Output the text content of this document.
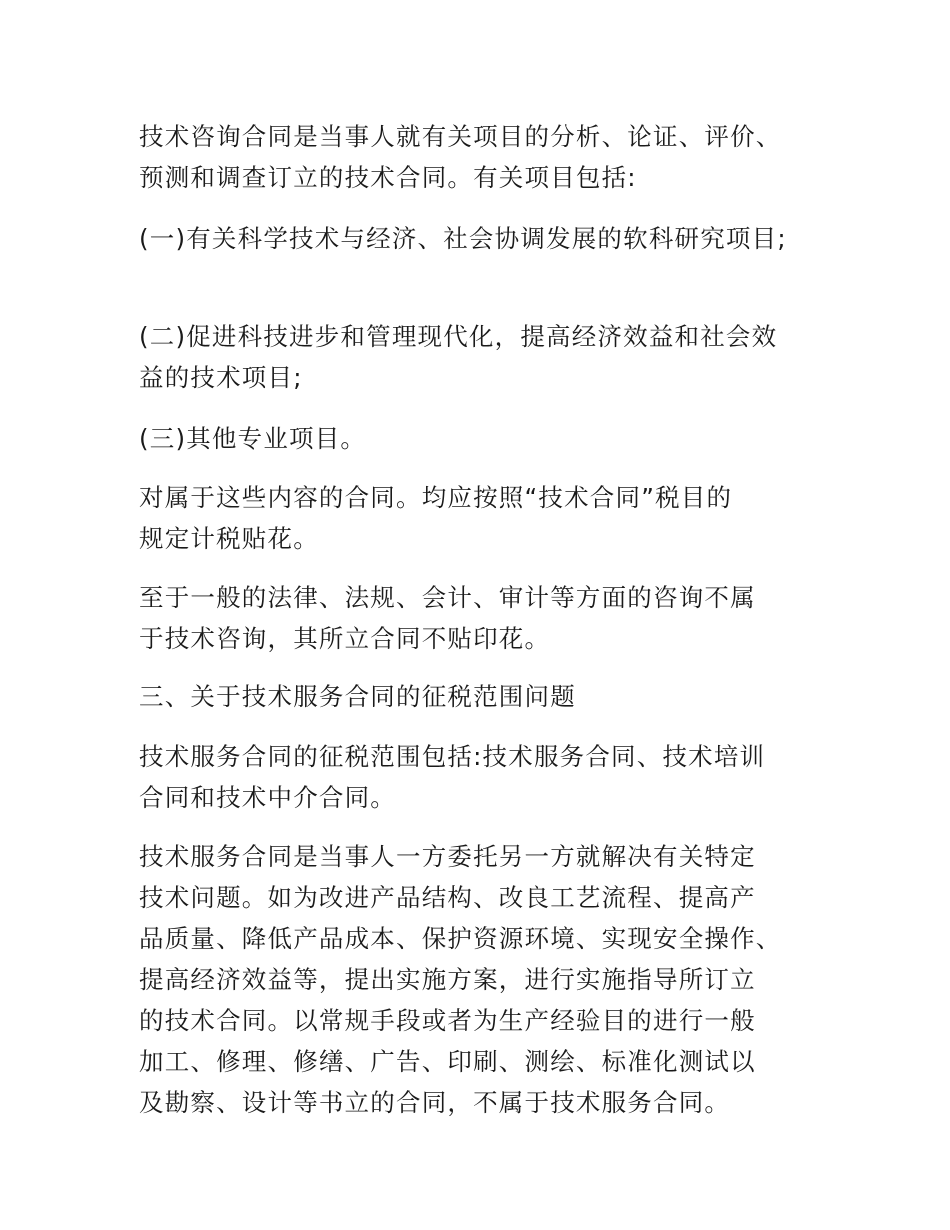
技术咨询合同是当事人就有关项目的分析、论证、评价、
预测和调查订立的技术合同。有关项目包括:

(一)有关科学技术与经济、社会协调发展的软科研究项目;

(二)促进科技进步和管理现代化，提高经济效益和社会效
益的技术项目;

(三)其他专业项目。

对属于这些内容的合同。均应按照“技术合同”税目的
规定计税贴花。

至于一般的法律、法规、会计、审计等方面的咨询不属
于技术咨询，其所立合同不贴印花。

三、关于技术服务合同的征税范围问题

技术服务合同的征税范围包括:技术服务合同、技术培训
合同和技术中介合同。

技术服务合同是当事人一方委托另一方就解决有关特定
技术问题。如为改进产品结构、改良工艺流程、提高产
品质量、降低产品成本、保护资源环境、实现安全操作、
提高经济效益等，提出实施方案，进行实施指导所订立
的技术合同。以常规手段或者为生产经验目的进行一般
加工、修理、修缮、广告、印刷、测绘、标准化测试以
及勘察、设计等书立的合同，不属于技术服务合同。
